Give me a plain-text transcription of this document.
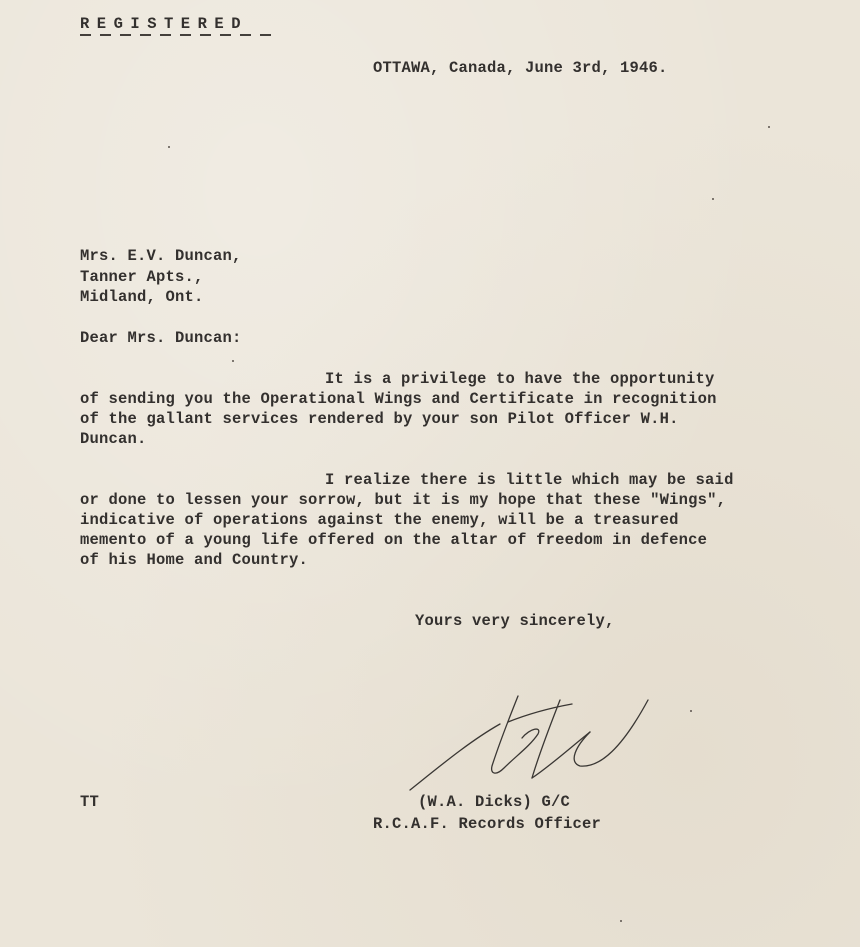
REGISTERED
OTTAWA, Canada, June 3rd, 1946.
Mrs. E.V. Duncan,
Tanner Apts.,
Midland, Ont.
Dear Mrs. Duncan:
It is a privilege to have the opportunity
of sending you the Operational Wings and Certificate in recognition
of the gallant services rendered by your son Pilot Officer W.H.
Duncan.
I realize there is little which may be said
or done to lessen your sorrow, but it is my hope that these "Wings",
indicative of operations against the enemy, will be a treasured
memento of a young life offered on the altar of freedom in defence
of his Home and Country.
Yours very sincerely,
TT	(W.A. Dicks) G/C
R.C.A.F. Records Officer
